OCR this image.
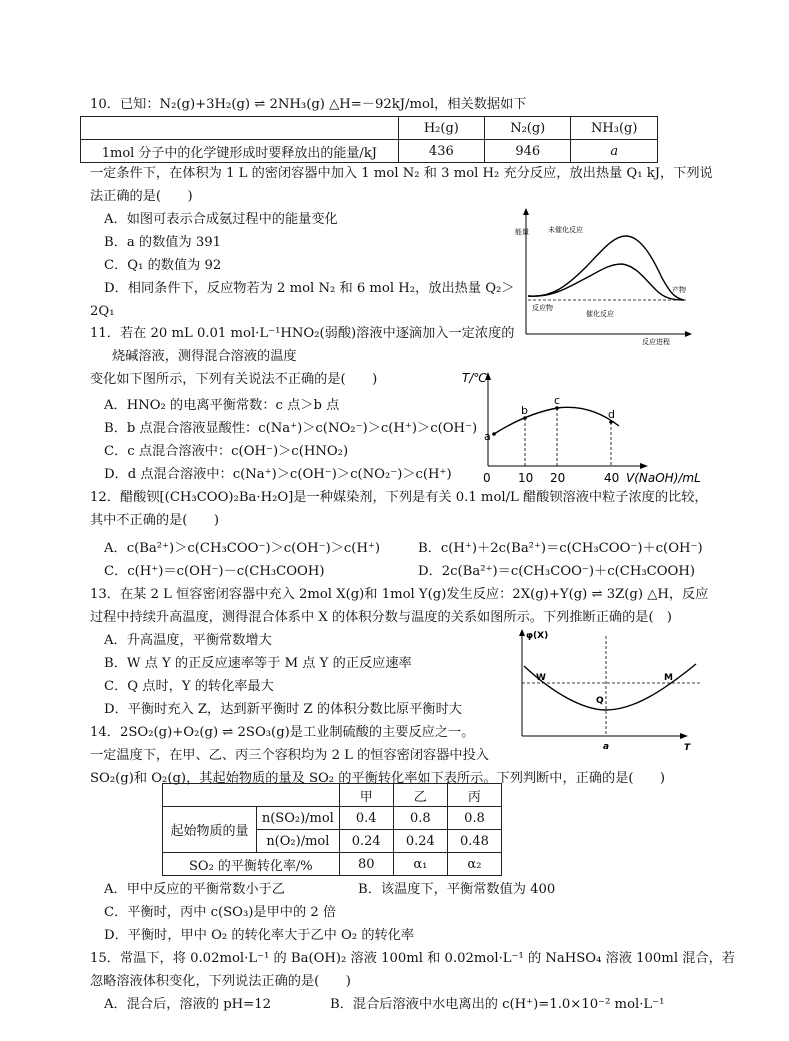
10．已知：N₂(g)+3H₂(g) ⇌ 2NH₃(g) △H=－92kJ/mol，相关数据如下
	H₂(g)	N₂(g)	NH₃(g)
1mol 分子中的化学键形成时要释放出的能量/kJ	436	946	a
一定条件下，在体积为 1 L 的密闭容器中加入 1 mol N₂ 和 3 mol H₂ 充分反应，放出热量 Q₁ kJ，下列说
法正确的是(　　)
A．如图可表示合成氨过程中的能量变化
B．a 的数值为 391
C．Q₁ 的数值为 92
D．相同条件下，反应物若为 2 mol N₂ 和 6 mol H₂，放出热量 Q₂＞
2Q₁
能量	未催化反应
催化反应
反应物
产物
反应进程
11．若在 20 mL 0.01 mol·L⁻¹HNO₂(弱酸)溶液中逐滴加入一定浓度的
烧碱溶液，测得混合溶液的温度
变化如下图所示，下列有关说法不正确的是(　　)
A．HNO₂ 的电离平衡常数：c 点＞b 点
B．b 点混合溶液显酸性：c(Na⁺)＞c(NO₂⁻)＞c(H⁺)＞c(OH⁻)
C．c 点混合溶液中：c(OH⁻)＞c(HNO₂)
D．d 点混合溶液中：c(Na⁺)＞c(OH⁻)＞c(NO₂⁻)＞c(H⁺)
T/℃
a
b
c
d
0 10 20	40 V(NaOH)/mL
12．醋酸钡[(CH₃COO)₂Ba·H₂O]是一种媒染剂，下列是有关 0.1 mol/L 醋酸钡溶液中粒子浓度的比较，
其中不正确的是(　　)
A．c(Ba²⁺)＞c(CH₃COO⁻)＞c(OH⁻)＞c(H⁺)	B．c(H⁺)＋2c(Ba²⁺)＝c(CH₃COO⁻)＋c(OH⁻)
C．c(H⁺)＝c(OH⁻)－c(CH₃COOH)	D．2c(Ba²⁺)＝c(CH₃COO⁻)＋c(CH₃COOH)
13．在某 2 L 恒容密闭容器中充入 2mol X(g)和 1mol Y(g)发生反应：2X(g)+Y(g) ⇌ 3Z(g) △H，反应
过程中持续升高温度，测得混合体系中 X 的体积分数与温度的关系如图所示。下列推断正确的是(　)
A．升高温度，平衡常数增大
B．W 点 Y 的正反应速率等于 M 点 Y 的正反应速率
C．Q 点时，Y 的转化率最大
D．平衡时充入 Z，达到新平衡时 Z 的体积分数比原平衡时大
φ(X)
W	M
Q
a	T
14．2SO₂(g)+O₂(g) ⇌ 2SO₃(g)是工业制硫酸的主要反应之一。
一定温度下，在甲、乙、丙三个容积均为 2 L 的恒容密闭容器中投入
SO₂(g)和 O₂(g)，其起始物质的量及 SO₂ 的平衡转化率如下表所示。下列判断中，正确的是(　　)
		甲	乙	丙
起始物质的量	n(SO₂)/mol	0.4	0.8	0.8
	n(O₂)/mol	0.24	0.24	0.48
SO₂ 的平衡转化率/%		80	α₁	α₂
A．甲中反应的平衡常数小于乙	B．该温度下，平衡常数值为 400
C．平衡时，丙中 c(SO₃)是甲中的 2 倍
D．平衡时，甲中 O₂ 的转化率大于乙中 O₂ 的转化率
15．常温下，将 0.02mol·L⁻¹ 的 Ba(OH)₂ 溶液 100ml 和 0.02mol·L⁻¹ 的 NaHSO₄ 溶液 100ml 混合，若
忽略溶液体积变化，下列说法正确的是(　　)
A．混合后，溶液的 pH=12	B．混合后溶液中水电离出的 c(H⁺)=1.0×10⁻² mol·L⁻¹
